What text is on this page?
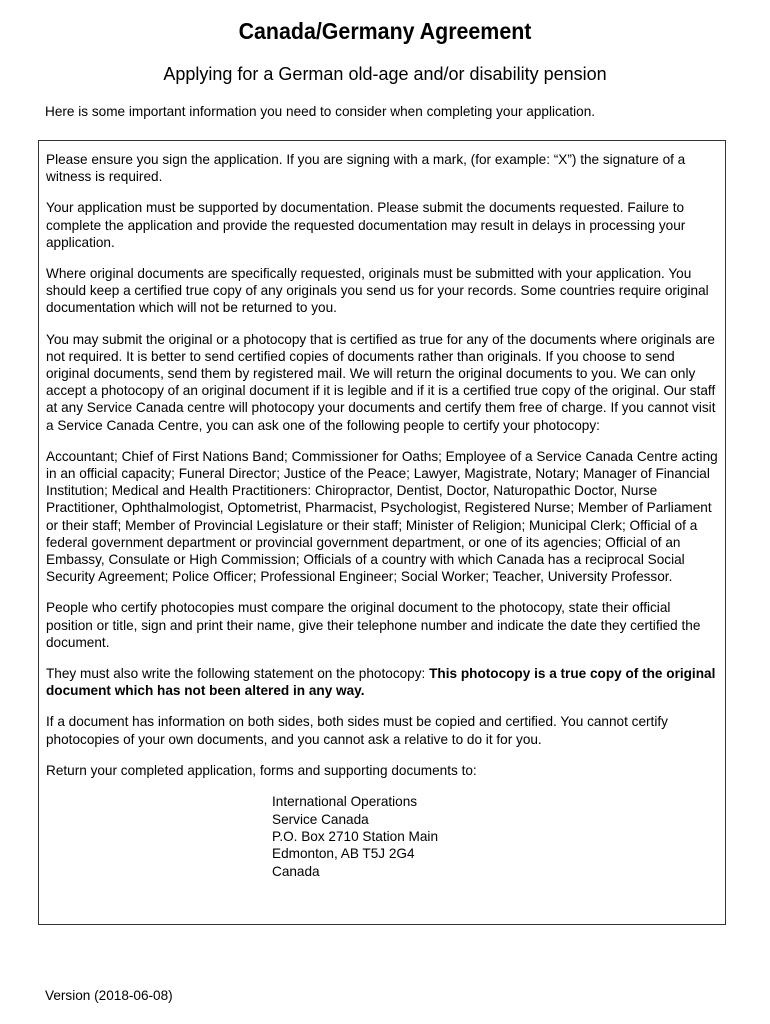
Canada/Germany Agreement
Applying for a German old-age and/or disability pension
Here is some important information you need to consider when completing your application.

Please ensure you sign the application. If you are signing with a mark, (for example: “X”) the signature of a witness is required.

Your application must be supported by documentation. Please submit the documents requested. Failure to complete the application and provide the requested documentation may result in delays in processing your application.

Where original documents are specifically requested, originals must be submitted with your application. You should keep a certified true copy of any originals you send us for your records. Some countries require original documentation which will not be returned to you.

You may submit the original or a photocopy that is certified as true for any of the documents where originals are not required. It is better to send certified copies of documents rather than originals. If you choose to send original documents, send them by registered mail. We will return the original documents to you. We can only accept a photocopy of an original document if it is legible and if it is a certified true copy of the original. Our staff at any Service Canada centre will photocopy your documents and certify them free of charge. If you cannot visit a Service Canada Centre, you can ask one of the following people to certify your photocopy:

Accountant; Chief of First Nations Band; Commissioner for Oaths; Employee of a Service Canada Centre acting in an official capacity; Funeral Director; Justice of the Peace; Lawyer, Magistrate, Notary; Manager of Financial Institution; Medical and Health Practitioners: Chiropractor, Dentist, Doctor, Naturopathic Doctor, Nurse Practitioner, Ophthalmologist, Optometrist, Pharmacist, Psychologist, Registered Nurse; Member of Parliament or their staff; Member of Provincial Legislature or their staff; Minister of Religion; Municipal Clerk; Official of a federal government department or provincial government department, or one of its agencies; Official of an Embassy, Consulate or High Commission; Officials of a country with which Canada has a reciprocal Social Security Agreement; Police Officer; Professional Engineer; Social Worker; Teacher, University Professor.

People who certify photocopies must compare the original document to the photocopy, state their official position or title, sign and print their name, give their telephone number and indicate the date they certified the document.

They must also write the following statement on the photocopy: This photocopy is a true copy of the original document which has not been altered in any way.

If a document has information on both sides, both sides must be copied and certified. You cannot certify photocopies of your own documents, and you cannot ask a relative to do it for you.

Return your completed application, forms and supporting documents to:

International Operations
Service Canada
P.O. Box 2710 Station Main
Edmonton, AB T5J 2G4
Canada
Version (2018-06-08)
